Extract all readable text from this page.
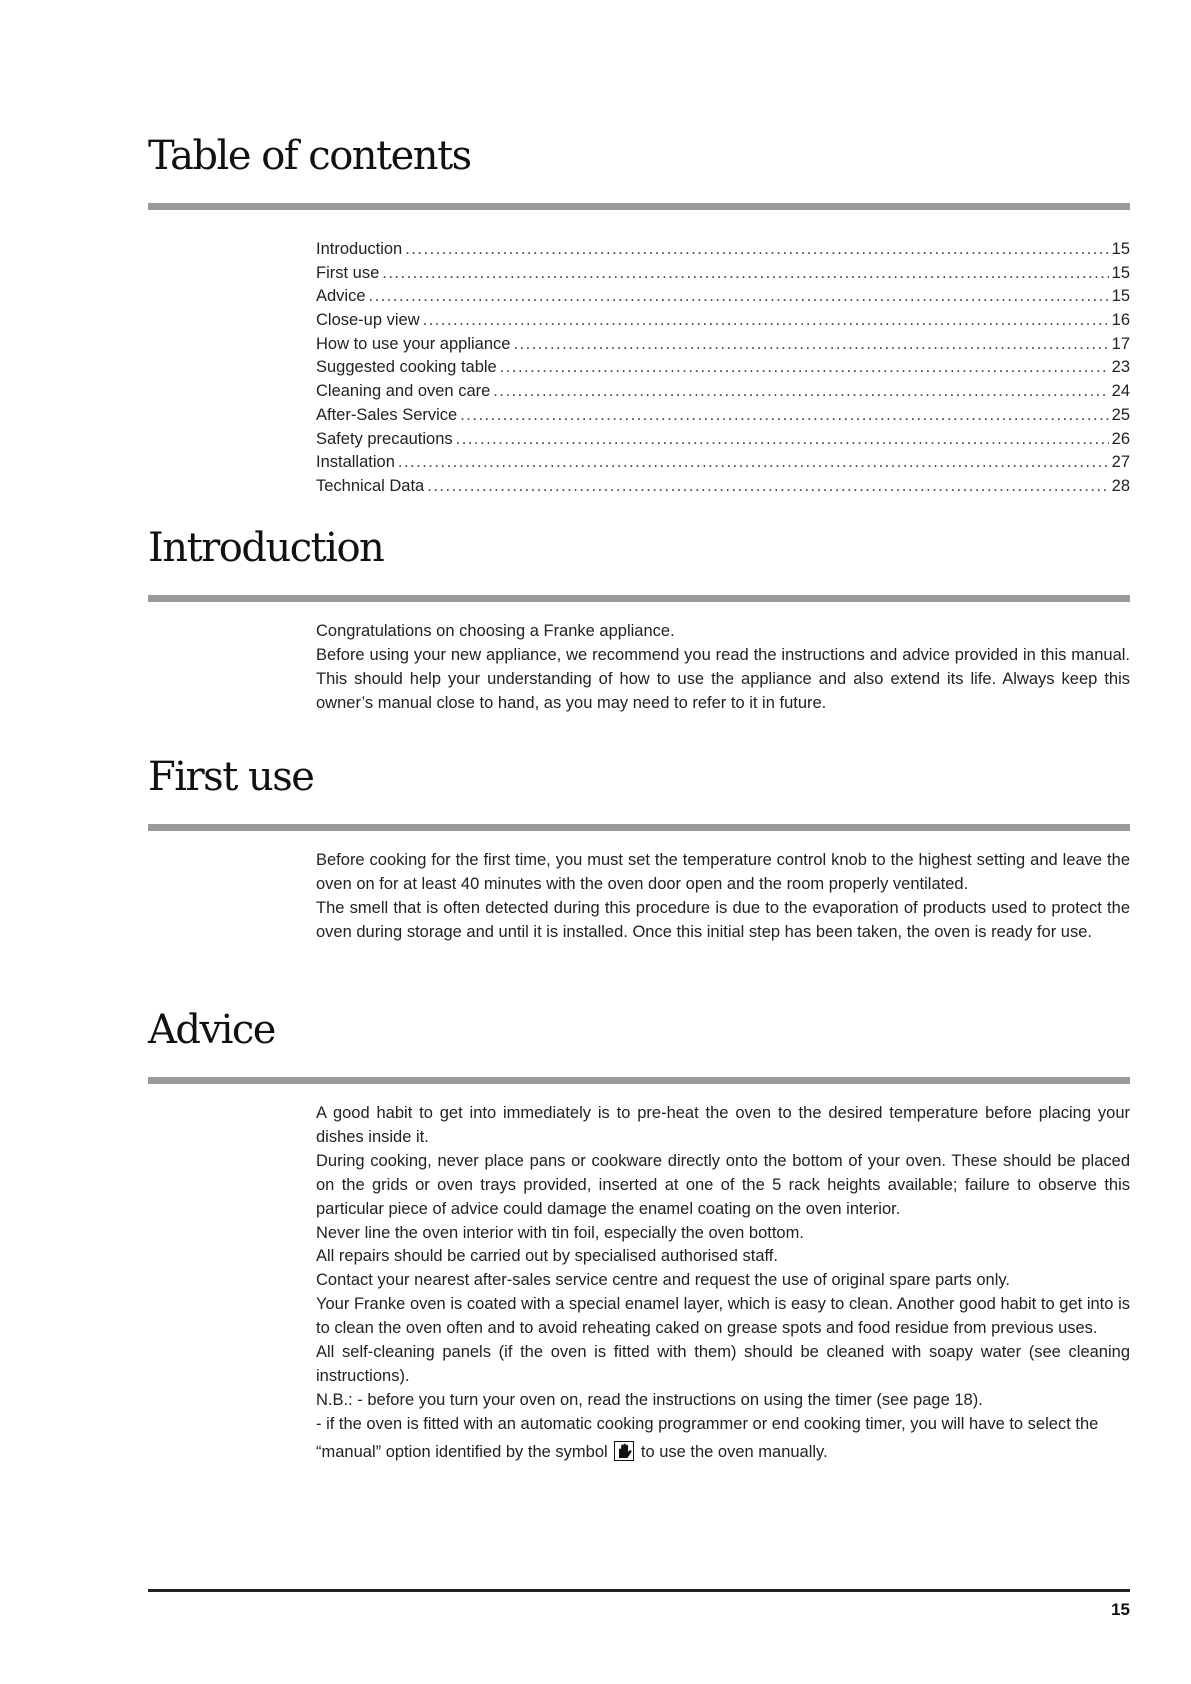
Table of contents
Introduction .....	15
First use .....	15
Advice .....	15
Close-up view .....	16
How to use your appliance .....	17
Suggested cooking table .....	23
Cleaning and oven care .....	24
After-Sales Service .....	25
Safety precautions .....	26
Installation .....	27
Technical Data .....	28
Introduction

Congratulations on choosing a Franke appliance.

Before using your new appliance, we recommend you read the instructions and advice provided in this manual. This should help your understanding of how to use the appliance and also extend its life. Always keep this owner’s manual close to hand, as you may need to refer to it in future.

First use

Before cooking for the first time, you must set the temperature control knob to the highest setting and leave the oven on for at least 40 minutes with the oven door open and the room properly ventilated.

The smell that is often detected during this procedure is due to the evaporation of products used to protect the oven during storage and until it is installed. Once this initial step has been taken, the oven is ready for use.

Advice

A good habit to get into immediately is to pre-heat the oven to the desired temperature before placing your dishes inside it.

During cooking, never place pans or cookware directly onto the bottom of your oven. These should be placed on the grids or oven trays provided, inserted at one of the 5 rack heights available; failure to observe this particular piece of advice could damage the enamel coating on the oven interior.

Never line the oven interior with tin foil, especially the oven bottom.

All repairs should be carried out by specialised authorised staff.

Contact your nearest after-sales service centre and request the use of original spare parts only.

Your Franke oven is coated with a special enamel layer, which is easy to clean. Another good habit to get into is to clean the oven often and to avoid reheating caked on grease spots and food residue from previous uses.

All self-cleaning panels (if the oven is fitted with them) should be cleaned with soapy water (see cleaning instructions).

N.B.: - before you turn your oven on, read the instructions on using the timer (see page 18).

- if the oven is fitted with an automatic cooking programmer or end cooking timer, you will have to select the

“manual” option identified by the symbol to use the oven manually.

15
